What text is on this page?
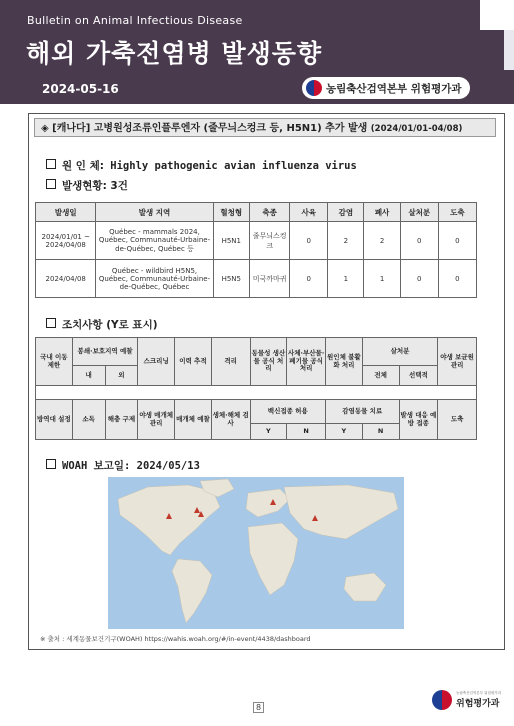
Bulletin on Animal Infectious Disease
해외 가축전염병 발생동향
2024-05-16	농림축산검역본부 위험평가과
◈ [캐나다] 고병원성조류인플루엔자 (줄무늬스컹크 등, H5N1) 추가 발생 (2024/01/01-04/08)
원 인 체: Highly pathogenic avian influenza virus
발생현황: 3건
발생일	발생 지역	혈청형	축종	사육	감염	폐사	살처분	도축
2024/01/01 ~ 2024/04/08	Québec - mammals 2024, Québec, Communauté-Urbaine-de-Québec, Québec 등	H5N1	줄무늬스컹크	0	2	2	0	0
2024/04/08	Québec - wildbird H5N5, Québec, Communauté-Urbaine-de-Québec, Québec	H5N5	미국까마귀	0	1	1	0	0
조치사항 (Y로 표시)
국내 이동 제한	봉쇄·보호지역 예찰		스크리닝	이력 추적	격리	동물성 생산물 공식 처리	사체·부산물·폐기물 공식 처리	원인체 불활화 처리	살처분		야생 보균원 관리
	내	외							전체	선택적	

방역대 설정	소독	해충 구제	야생 매개체 관리	매개체 예찰	생체·해체 검사	백신접종 허용		감염동물 치료		발생 대응 예방 접종	도축
						Y	N	Y	N		
WOAH 보고일: 2024/05/13
※ 출처 : 세계동물보건기구(WOAH) https://wahis.woah.org/#/in-event/4438/dashboard
8
농림축산검역본부 위험평가과
위험평가과
